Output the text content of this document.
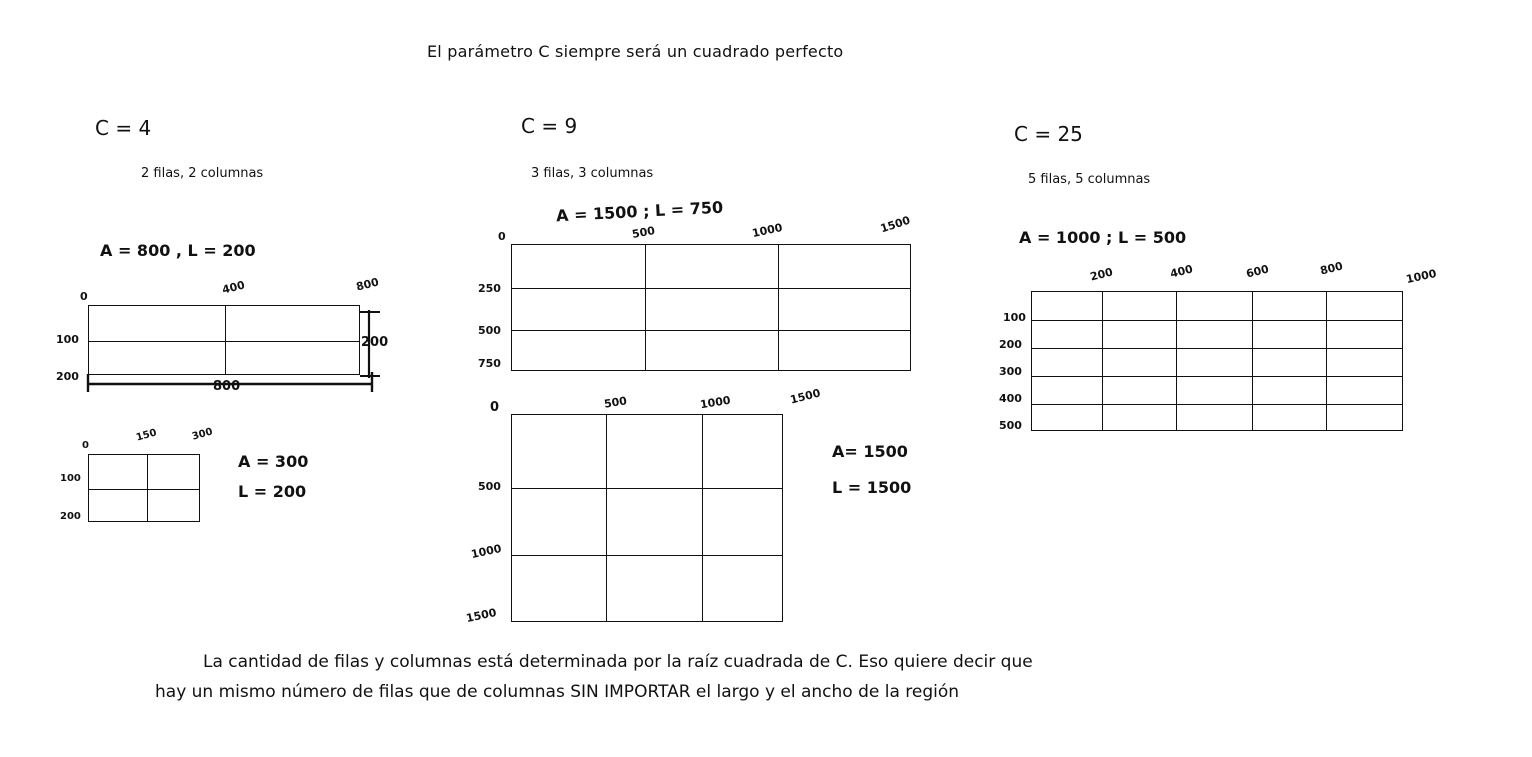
El parámetro C siempre será un cuadrado perfecto
C = 4
2 filas, 2 columnas
A = 800 , L = 200
0	400	800
100
200
800
200
0
150	300
100
200
A = 300
L = 200
C = 9
3 filas, 3 columnas
A = 1500 ; L = 750
0	500	1000	1500
250
500
750
0	500	1000	1500
500
1000
1500
A= 1500
L = 1500
C = 25
5 filas, 5 columnas
A = 1000 ; L = 500
200	400	600	800	1000
100
200
300
400
500
La cantidad de filas y columnas está determinada por la raíz cuadrada de C. Eso quiere decir que
hay un mismo número de filas que de columnas SIN IMPORTAR el largo y el ancho de la región
